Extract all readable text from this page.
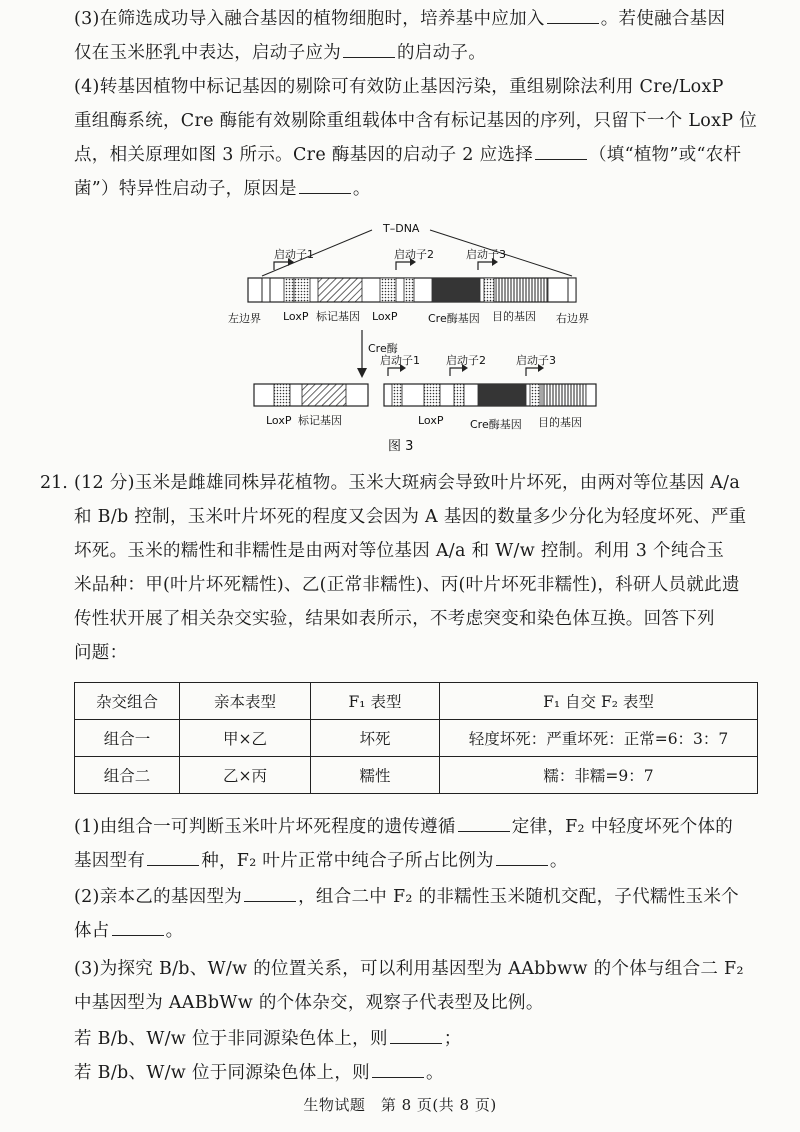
(3)在筛选成功导入融合基因的植物细胞时，培养基中应加入	。若使融合基因

仅在玉米胚乳中表达，启动子应为	的启动子。

(4)转基因植物中标记基因的剔除可有效防止基因污染，重组剔除法利用 Cre/LoxP

重组酶系统，Cre 酶能有效剔除重组载体中含有标记基因的序列，只留下一个 LoxP 位

点，相关原理如图 3 所示。Cre 酶基因的启动子 2 应选择	（填“植物”或“农杆

菌”）特异性启动子，原因是	。

T–DNA
启动子1	启动子2	启动子3
左边界 LoxP 标记基因 LoxP	Cre酶基因 目的基因 右边界
Cre酶
LoxP 标记基因
启动子1 启动子2	启动子3
LoxP Cre酶基因 目的基因
图 3
21. (12 分)玉米是雌雄同株异花植物。玉米大斑病会导致叶片坏死，由两对等位基因 A/a

和 B/b 控制，玉米叶片坏死的程度又会因为 A 基因的数量多少分化为轻度坏死、严重

坏死。玉米的糯性和非糯性是由两对等位基因 A/a 和 W/w 控制。利用 3 个纯合玉

米品种：甲(叶片坏死糯性)、乙(正常非糯性)、丙(叶片坏死非糯性)，科研人员就此遗

传性状开展了相关杂交实验，结果如表所示，不考虑突变和染色体互换。回答下列

问题：

杂交组合	亲本表型	F₁ 表型	F₁ 自交 F₂ 表型
组合一	甲×乙	坏死	轻度坏死：严重坏死：正常=6：3：7
组合二	乙×丙	糯性	糯：非糯=9：7

(1)由组合一可判断玉米叶片坏死程度的遗传遵循	定律，F₂ 中轻度坏死个体的

基因型有	种，F₂ 叶片正常中纯合子所占比例为	。

(2)亲本乙的基因型为	，组合二中 F₂ 的非糯性玉米随机交配，子代糯性玉米个

体占	。

(3)为探究 B/b、W/w 的位置关系，可以利用基因型为 AAbbww 的个体与组合二 F₂

中基因型为 AABbWw 的个体杂交，观察子代表型及比例。

若 B/b、W/w 位于非同源染色体上，则	；

若 B/b、W/w 位于同源染色体上，则	。

生物试题　第 8 页(共 8 页)
